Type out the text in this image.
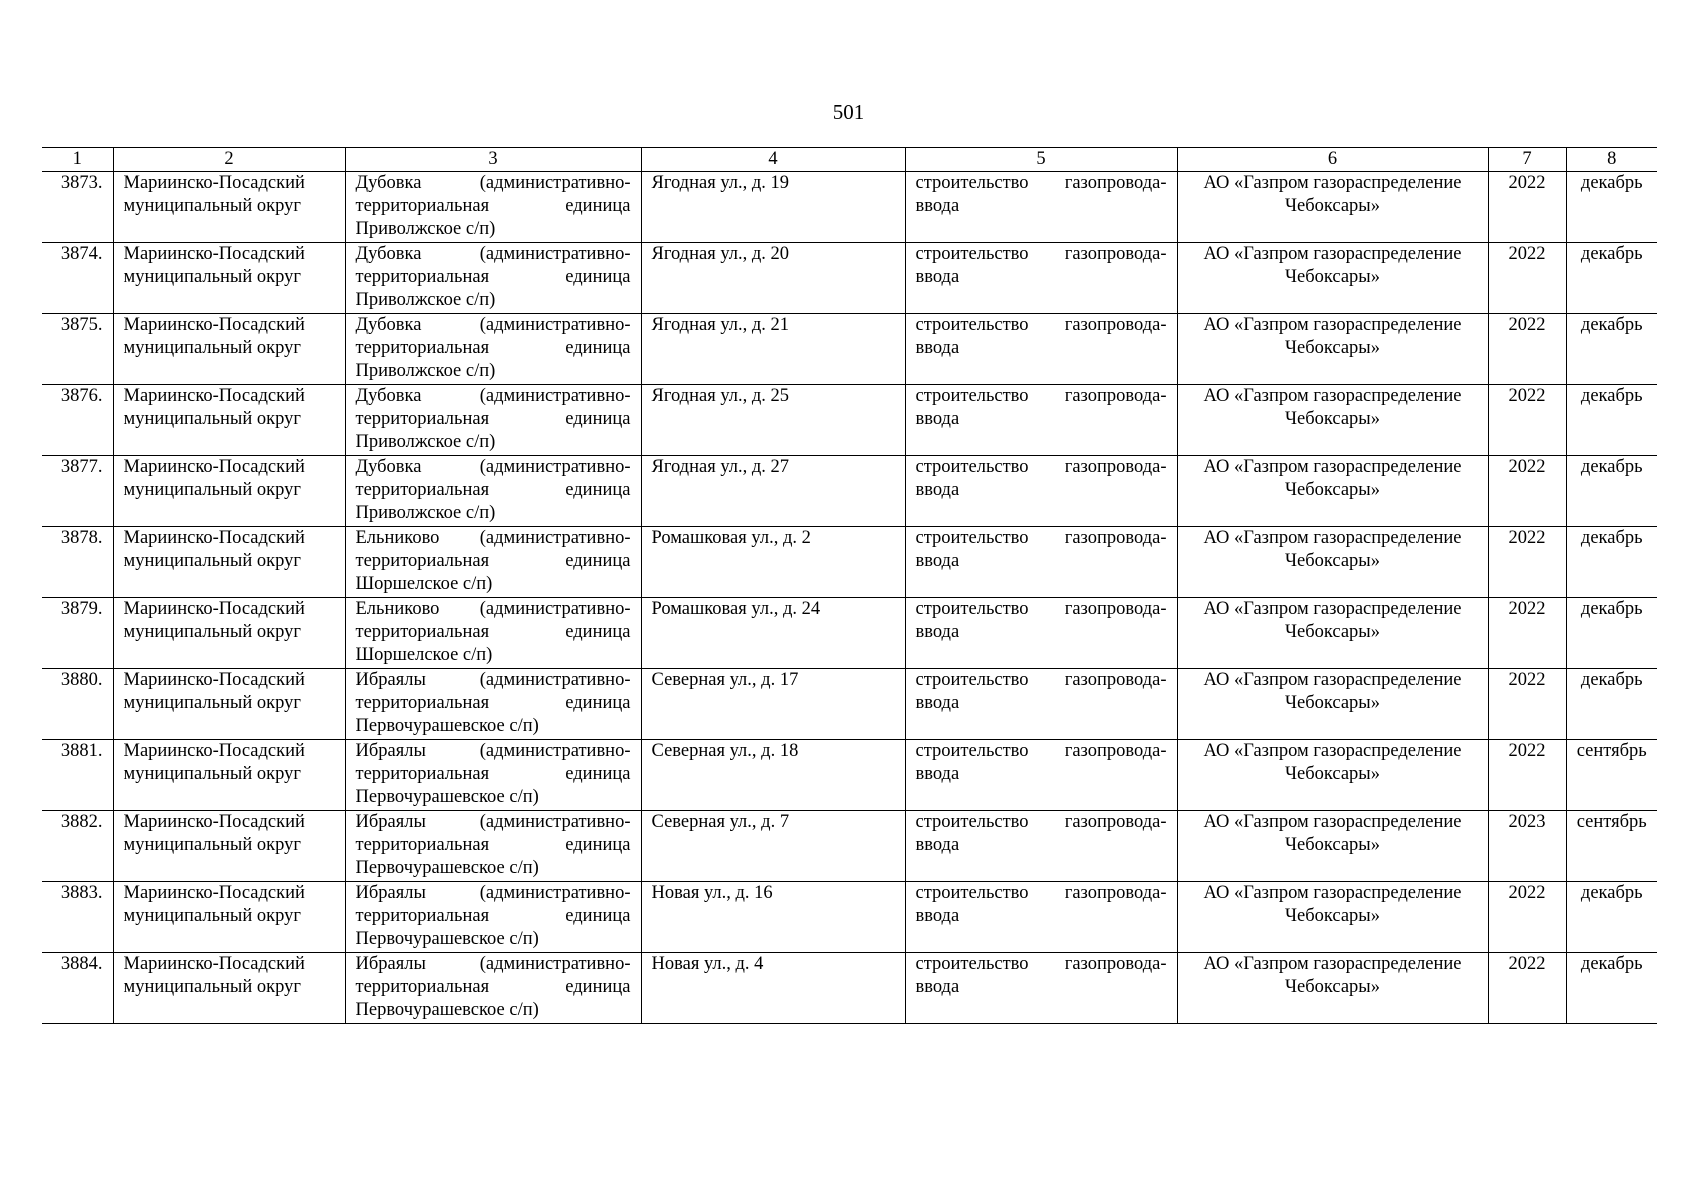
501
1	2	3	4	5	6	7	8
3873.	Мариинско-Посадский муниципальный округ	Дубовка (административно-территориальная единица Приволжское с/п)	Ягодная ул., д. 19	строительство газопровода-ввода	АО «Газпром газораспределение Чебоксары»	2022	декабрь
3874.	Мариинско-Посадский муниципальный округ	Дубовка (административно-территориальная единица Приволжское с/п)	Ягодная ул., д. 20	строительство газопровода-ввода	АО «Газпром газораспределение Чебоксары»	2022	декабрь
3875.	Мариинско-Посадский муниципальный округ	Дубовка (административно-территориальная единица Приволжское с/п)	Ягодная ул., д. 21	строительство газопровода-ввода	АО «Газпром газораспределение Чебоксары»	2022	декабрь
3876.	Мариинско-Посадский муниципальный округ	Дубовка (административно-территориальная единица Приволжское с/п)	Ягодная ул., д. 25	строительство газопровода-ввода	АО «Газпром газораспределение Чебоксары»	2022	декабрь
3877.	Мариинско-Посадский муниципальный округ	Дубовка (административно-территориальная единица Приволжское с/п)	Ягодная ул., д. 27	строительство газопровода-ввода	АО «Газпром газораспределение Чебоксары»	2022	декабрь
3878.	Мариинско-Посадский муниципальный округ	Ельниково (административно-территориальная единица Шоршелское с/п)	Ромашковая ул., д. 2	строительство газопровода-ввода	АО «Газпром газораспределение Чебоксары»	2022	декабрь
3879.	Мариинско-Посадский муниципальный округ	Ельниково (административно-территориальная единица Шоршелское с/п)	Ромашковая ул., д. 24	строительство газопровода-ввода	АО «Газпром газораспределение Чебоксары»	2022	декабрь
3880.	Мариинско-Посадский муниципальный округ	Ибраялы (административно-территориальная единица Первочурашевское с/п)	Северная ул., д. 17	строительство газопровода-ввода	АО «Газпром газораспределение Чебоксары»	2022	декабрь
3881.	Мариинско-Посадский муниципальный округ	Ибраялы (административно-территориальная единица Первочурашевское с/п)	Северная ул., д. 18	строительство газопровода-ввода	АО «Газпром газораспределение Чебоксары»	2022	сентябрь
3882.	Мариинско-Посадский муниципальный округ	Ибраялы (административно-территориальная единица Первочурашевское с/п)	Северная ул., д. 7	строительство газопровода-ввода	АО «Газпром газораспределение Чебоксары»	2023	сентябрь
3883.	Мариинско-Посадский муниципальный округ	Ибраялы (административно-территориальная единица Первочурашевское с/п)	Новая ул., д. 16	строительство газопровода-ввода	АО «Газпром газораспределение Чебоксары»	2022	декабрь
3884.	Мариинско-Посадский муниципальный округ	Ибраялы (административно-территориальная единица Первочурашевское с/п)	Новая ул., д. 4	строительство газопровода-ввода	АО «Газпром газораспределение Чебоксары»	2022	декабрь
